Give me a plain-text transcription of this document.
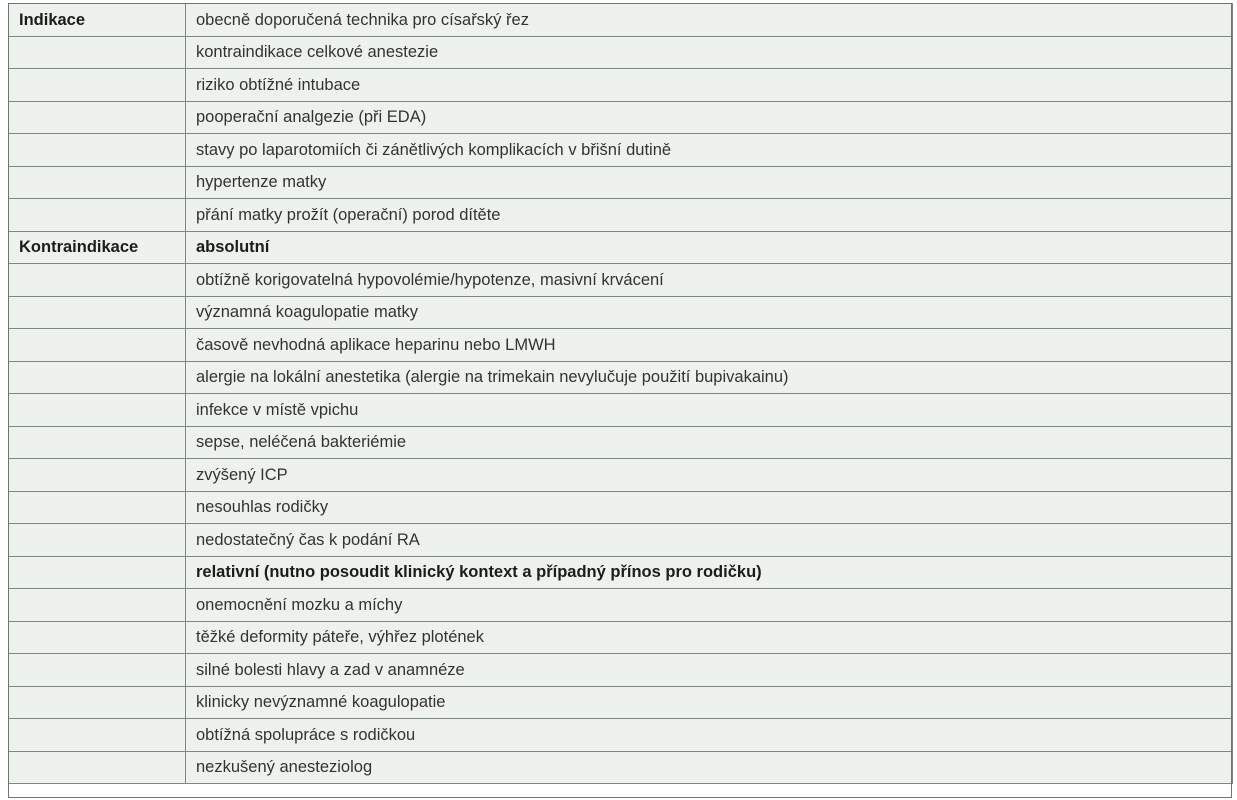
Indikace	obecně doporučená technika pro císařský řez
	kontraindikace celkové anestezie
	riziko obtížné intubace
	pooperační analgezie (při EDA)
	stavy po laparotomiích či zánětlivých komplikacích v břišní dutině
	hypertenze matky
	přání matky prožít (operační) porod dítěte
Kontraindikace	absolutní
	obtížně korigovatelná hypovolémie/hypotenze, masivní krvácení
	významná koagulopatie matky
	časově nevhodná aplikace heparinu nebo LMWH
	alergie na lokální anestetika (alergie na trimekain nevylučuje použití bupivakainu)
	infekce v místě vpichu
	sepse, neléčená bakteriémie
	zvýšený ICP
	nesouhlas rodičky
	nedostatečný čas k podání RA
	relativní (nutno posoudit klinický kontext a případný přínos pro rodičku)
	onemocnění mozku a míchy
	těžké deformity páteře, výhřez plotének
	silné bolesti hlavy a zad v anamnéze
	klinicky nevýznamné koagulopatie
	obtížná spolupráce s rodičkou
	nezkušený anesteziolog
